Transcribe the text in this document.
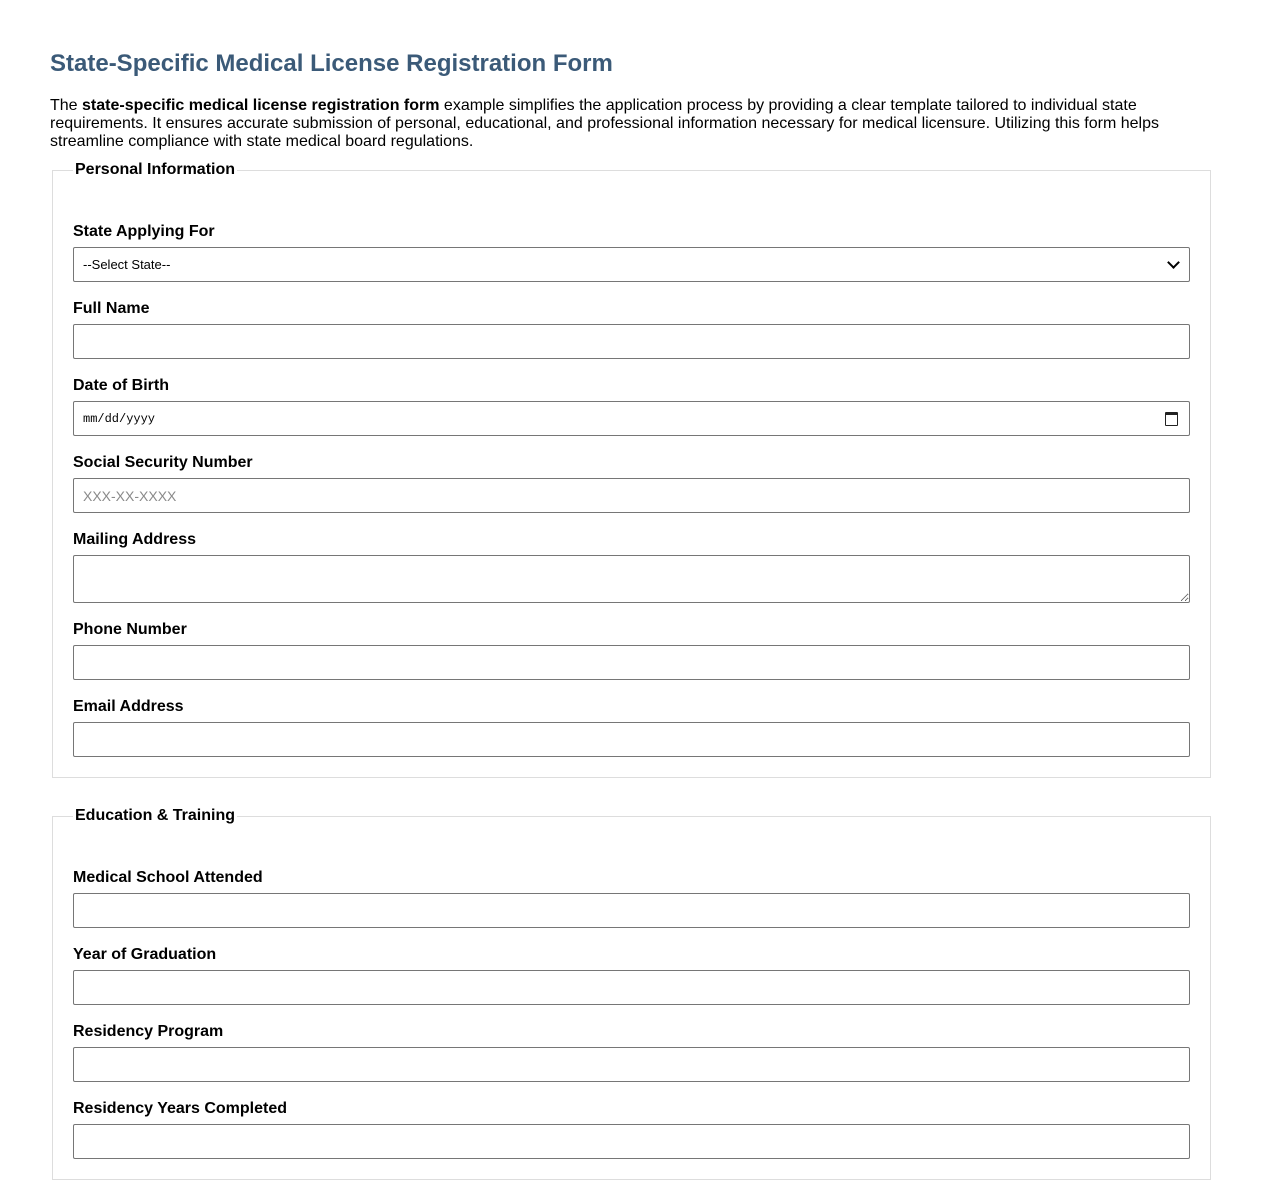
State-Specific Medical License Registration Form

The state-specific medical license registration form example simplifies the application process by providing a clear template tailored to individual state requirements. It ensures accurate submission of personal, educational, and professional information necessary for medical licensure. Utilizing this form helps streamline compliance with state medical board regulations.

Personal Information
State Applying For
--Select State--
Full Name
Date of Birth
mm/dd/yyyy
Social Security Number
XXX-XX-XXXX
Mailing Address
Phone Number
Email Address
Education & Training
Medical School Attended
Year of Graduation
Residency Program
Residency Years Completed
